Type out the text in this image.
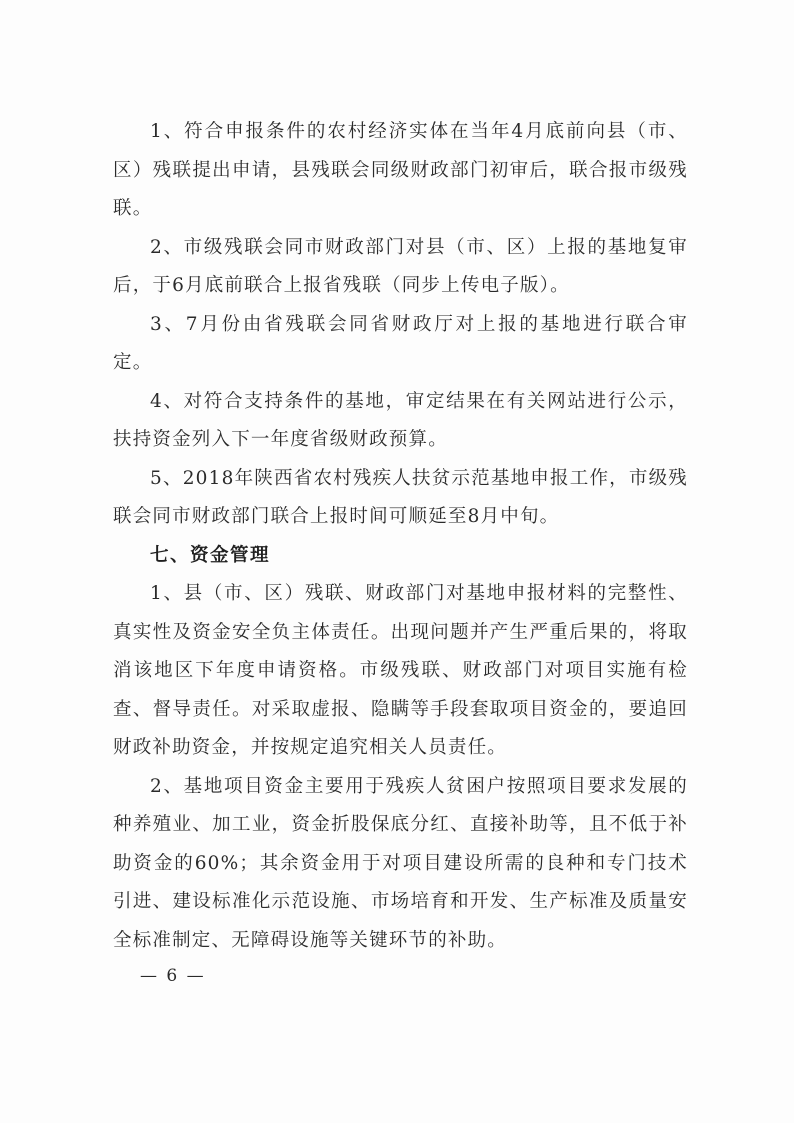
1、符合申报条件的农村经济实体在当年4月底前向县（市、区）残联提出申请，县残联会同级财政部门初审后，联合报市级残联。

2、市级残联会同市财政部门对县（市、区）上报的基地复审后，于6月底前联合上报省残联（同步上传电子版）。

3、7月份由省残联会同省财政厅对上报的基地进行联合审定。

4、对符合支持条件的基地，审定结果在有关网站进行公示，扶持资金列入下一年度省级财政预算。

5、2018年陕西省农村残疾人扶贫示范基地申报工作，市级残联会同市财政部门联合上报时间可顺延至8月中旬。

七、资金管理

1、县（市、区）残联、财政部门对基地申报材料的完整性、真实性及资金安全负主体责任。出现问题并产生严重后果的，将取消该地区下年度申请资格。市级残联、财政部门对项目实施有检查、督导责任。对采取虚报、隐瞒等手段套取项目资金的，要追回财政补助资金，并按规定追究相关人员责任。

2、基地项目资金主要用于残疾人贫困户按照项目要求发展的种养殖业、加工业，资金折股保底分红、直接补助等，且不低于补助资金的60%；其余资金用于对项目建设所需的良种和专门技术引进、建设标准化示范设施、市场培育和开发、生产标准及质量安全标准制定、无障碍设施等关键环节的补助。

— 6 —
